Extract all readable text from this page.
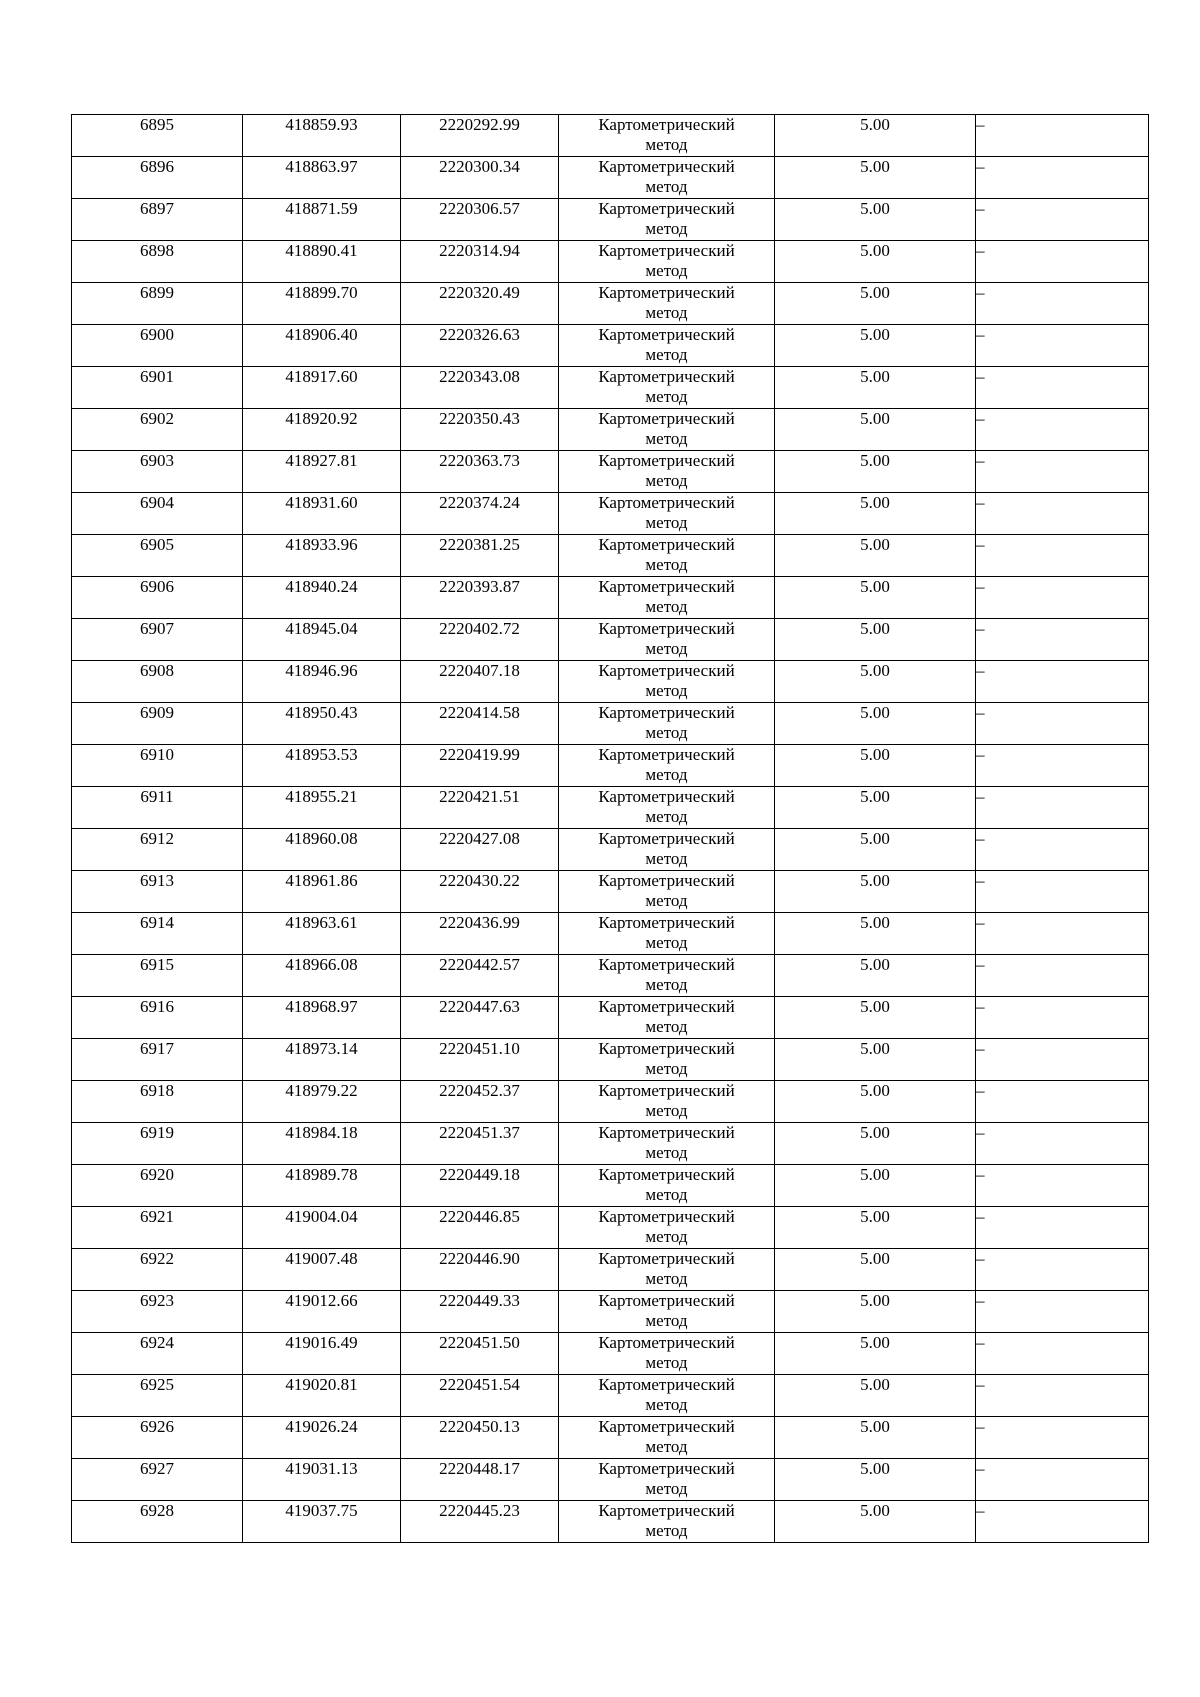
6895	418859.93	2220292.99	Картометрический
метод	5.00	–
6896	418863.97	2220300.34	Картометрический
метод	5.00	–
6897	418871.59	2220306.57	Картометрический
метод	5.00	–
6898	418890.41	2220314.94	Картометрический
метод	5.00	–
6899	418899.70	2220320.49	Картометрический
метод	5.00	–
6900	418906.40	2220326.63	Картометрический
метод	5.00	–
6901	418917.60	2220343.08	Картометрический
метод	5.00	–
6902	418920.92	2220350.43	Картометрический
метод	5.00	–
6903	418927.81	2220363.73	Картометрический
метод	5.00	–
6904	418931.60	2220374.24	Картометрический
метод	5.00	–
6905	418933.96	2220381.25	Картометрический
метод	5.00	–
6906	418940.24	2220393.87	Картометрический
метод	5.00	–
6907	418945.04	2220402.72	Картометрический
метод	5.00	–
6908	418946.96	2220407.18	Картометрический
метод	5.00	–
6909	418950.43	2220414.58	Картометрический
метод	5.00	–
6910	418953.53	2220419.99	Картометрический
метод	5.00	–
6911	418955.21	2220421.51	Картометрический
метод	5.00	–
6912	418960.08	2220427.08	Картометрический
метод	5.00	–
6913	418961.86	2220430.22	Картометрический
метод	5.00	–
6914	418963.61	2220436.99	Картометрический
метод	5.00	–
6915	418966.08	2220442.57	Картометрический
метод	5.00	–
6916	418968.97	2220447.63	Картометрический
метод	5.00	–
6917	418973.14	2220451.10	Картометрический
метод	5.00	–
6918	418979.22	2220452.37	Картометрический
метод	5.00	–
6919	418984.18	2220451.37	Картометрический
метод	5.00	–
6920	418989.78	2220449.18	Картометрический
метод	5.00	–
6921	419004.04	2220446.85	Картометрический
метод	5.00	–
6922	419007.48	2220446.90	Картометрический
метод	5.00	–
6923	419012.66	2220449.33	Картометрический
метод	5.00	–
6924	419016.49	2220451.50	Картометрический
метод	5.00	–
6925	419020.81	2220451.54	Картометрический
метод	5.00	–
6926	419026.24	2220450.13	Картометрический
метод	5.00	–
6927	419031.13	2220448.17	Картометрический
метод	5.00	–
6928	419037.75	2220445.23	Картометрический
метод	5.00	–
